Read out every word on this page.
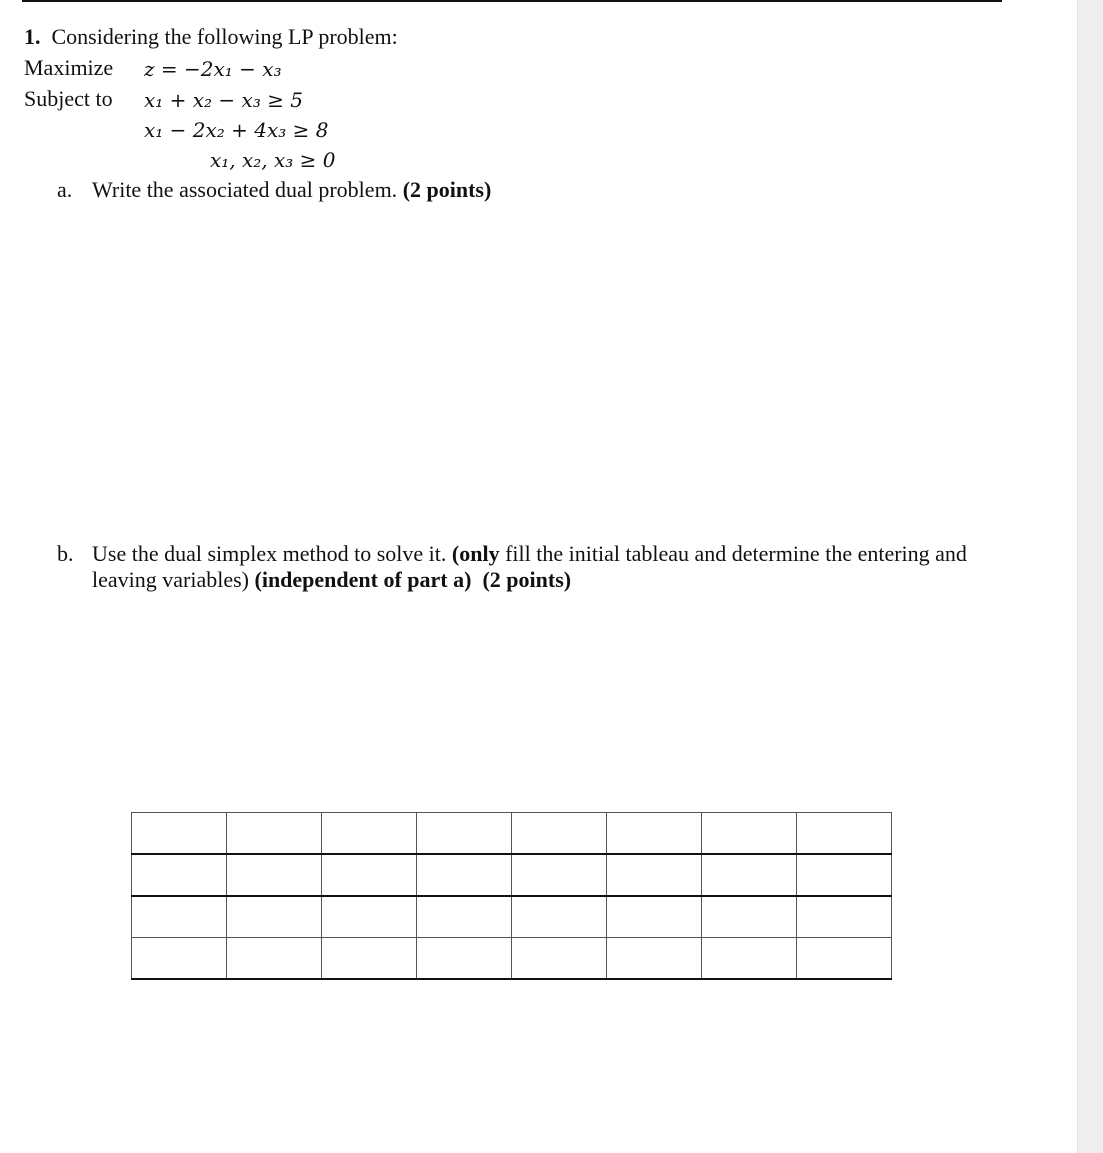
1. Considering the following LP problem:
Maximize z = −2x₁ − x₃
Subject to x₁ + x₂ − x₃ ≥ 5
x₁ − 2x₂ + 4x₃ ≥ 8
x₁, x₂, x₃ ≥ 0
a. Write the associated dual problem. (2 points)
b. Use the dual simplex method to solve it. (only fill the initial tableau and determine the entering and
leaving variables) (independent of part a) (2 points)
